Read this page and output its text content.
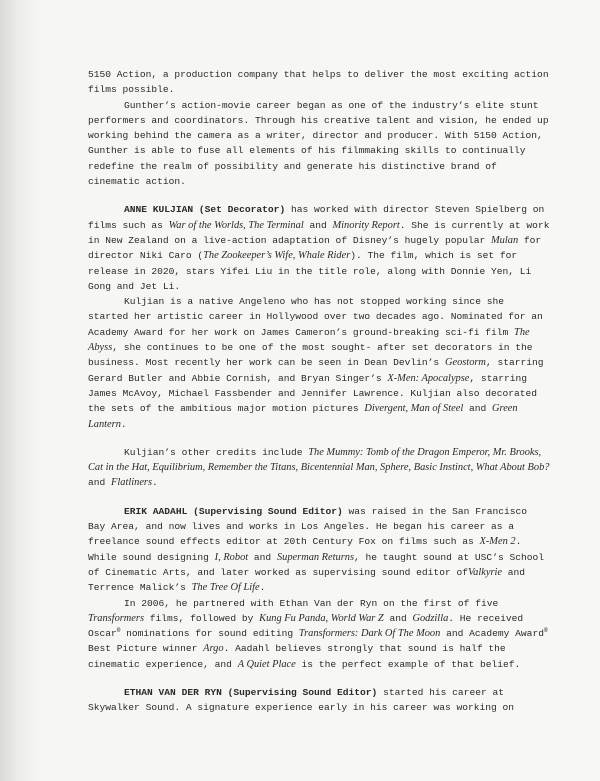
5150 Action, a production company that helps to deliver the most exciting action films possible.

Gunther’s action-movie career began as one of the industry’s elite stunt performers and coordinators. Through his creative talent and vision, he ended up working behind the camera as a writer, director and producer. With 5150 Action, Gunther is able to fuse all elements of his filmmaking skills to continually redefine the realm of possibility and generate his distinctive brand of cinematic action.

ANNE KULJIAN (Set Decorator) has worked with director Steven Spielberg on films such as War of the Worlds, The Terminal and Minority Report. She is currently at work in New Zealand on a live-action adaptation of Disney’s hugely popular Mulan for director Niki Caro (The Zookeeper’s Wife, Whale Rider). The film, which is set for release in 2020, stars Yifei Liu in the title role, along with Donnie Yen, Li Gong and Jet Li.

Kuljian is a native Angeleno who has not stopped working since she started her artistic career in Hollywood over two decades ago. Nominated for an Academy Award for her work on James Cameron’s ground-breaking sci-fi film The Abyss, she continues to be one of the most sought- after set decorators in the business. Most recently her work can be seen in Dean Devlin’s Geostorm, starring Gerard Butler and Abbie Cornish, and Bryan Singer’s X-Men: Apocalypse, starring James McAvoy, Michael Fassbender and Jennifer Lawrence. Kuljian also decorated the sets of the ambitious major motion pictures Divergent, Man of Steel and Green Lantern.

Kuljian’s other credits include The Mummy: Tomb of the Dragon Emperor, Mr. Brooks, Cat in the Hat, Equilibrium, Remember the Titans, Bicentennial Man, Sphere, Basic Instinct, What About Bob? and Flatliners.

ERIK AADAHL (Supervising Sound Editor) was raised in the San Francisco Bay Area, and now lives and works in Los Angeles. He began his career as a freelance sound effects editor at 20th Century Fox on films such as X-Men 2. While sound designing I, Robot and Superman Returns, he taught sound at USC’s School of Cinematic Arts, and later worked as supervising sound editor ofValkyrie and Terrence Malick’s The Tree Of Life.

In 2006, he partnered with Ethan Van der Ryn on the first of five Transformers films, followed by Kung Fu Panda, World War Z and Godzilla. He received Oscar® nominations for sound editing Transformers: Dark Of The Moon and Academy Award® Best Picture winner Argo. Aadahl believes strongly that sound is half the cinematic experience, and A Quiet Place is the perfect example of that belief.

ETHAN VAN DER RYN (Supervising Sound Editor) started his career at Skywalker Sound. A signature experience early in his career was working on
